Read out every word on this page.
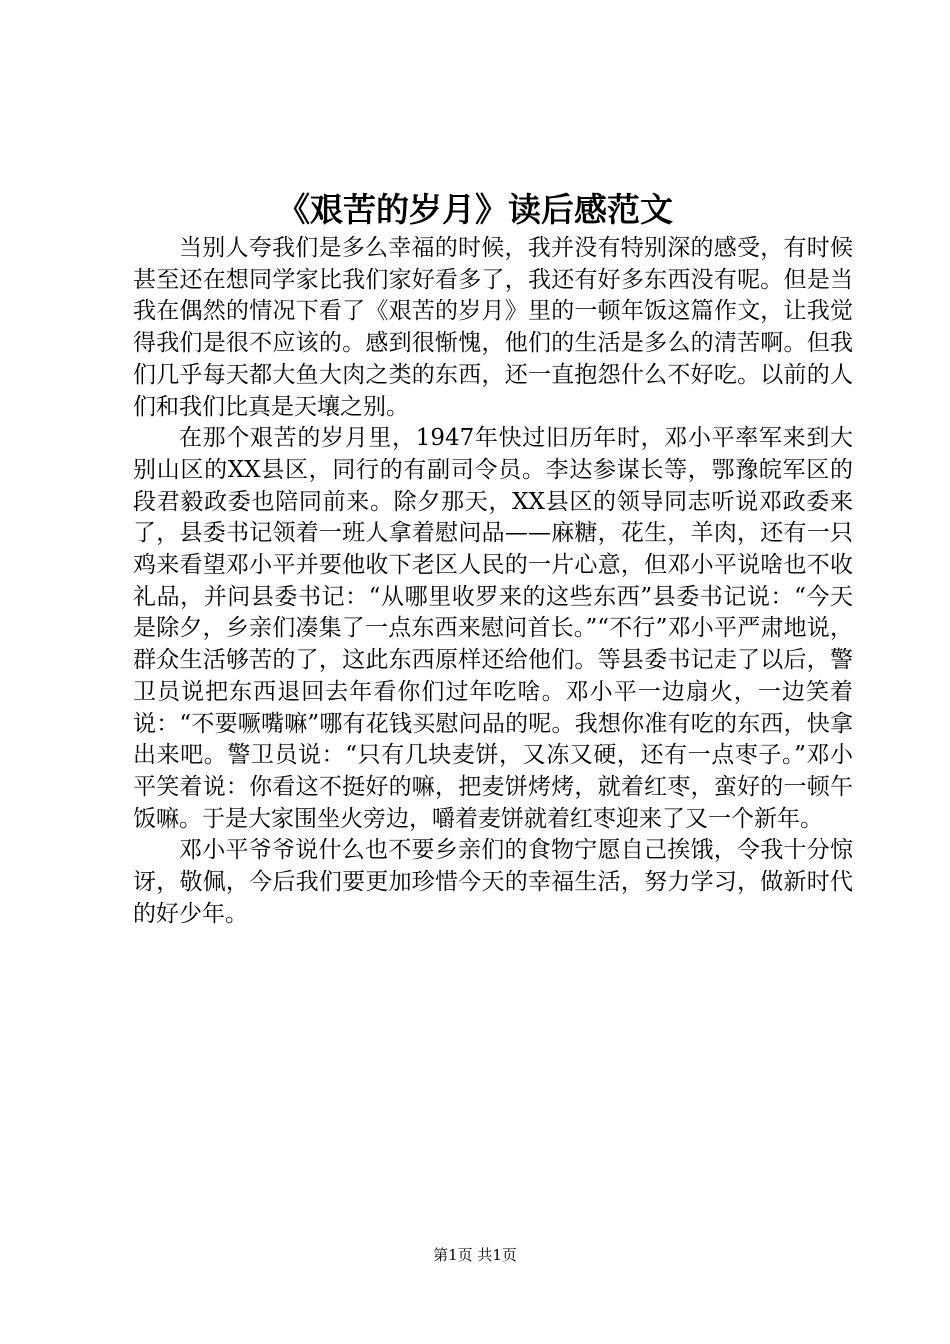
《艰苦的岁月》读后感范文

当别人夸我们是多么幸福的时候，我并没有特别深的感受，有时候甚至还在想同学家比我们家好看多了，我还有好多东西没有呢。但是当我在偶然的情况下看了《艰苦的岁月》里的一顿年饭这篇作文，让我觉得我们是很不应该的。感到很惭愧，他们的生活是多么的清苦啊。但我们几乎每天都大鱼大肉之类的东西，还一直抱怨什么不好吃。以前的人们和我们比真是天壤之别。

在那个艰苦的岁月里，1947年快过旧历年时，邓小平率军来到大别山区的XX县区，同行的有副司令员。李达参谋长等，鄂豫皖军区的段君毅政委也陪同前来。除夕那天，XX县区的领导同志听说邓政委来了，县委书记领着一班人拿着慰问品——麻糖，花生，羊肉，还有一只鸡来看望邓小平并要他收下老区人民的一片心意，但邓小平说啥也不收礼品，并问县委书记：“从哪里收罗来的这些东西”县委书记说：“今天是除夕，乡亲们凑集了一点东西来慰问首长。”“不行”邓小平严肃地说，群众生活够苦的了，这此东西原样还给他们。等县委书记走了以后，警卫员说把东西退回去年看你们过年吃啥。邓小平一边扇火，一边笑着说：“不要噘嘴嘛”哪有花钱买慰问品的呢。我想你准有吃的东西，快拿出来吧。警卫员说：“只有几块麦饼，又冻又硬，还有一点枣子。”邓小平笑着说：你看这不挺好的嘛，把麦饼烤烤，就着红枣，蛮好的一顿午饭嘛。于是大家围坐火旁边，嚼着麦饼就着红枣迎来了又一个新年。

邓小平爷爷说什么也不要乡亲们的食物宁愿自己挨饿，令我十分惊讶，敬佩，今后我们要更加珍惜今天的幸福生活，努力学习，做新时代的好少年。

第1页 共1页
